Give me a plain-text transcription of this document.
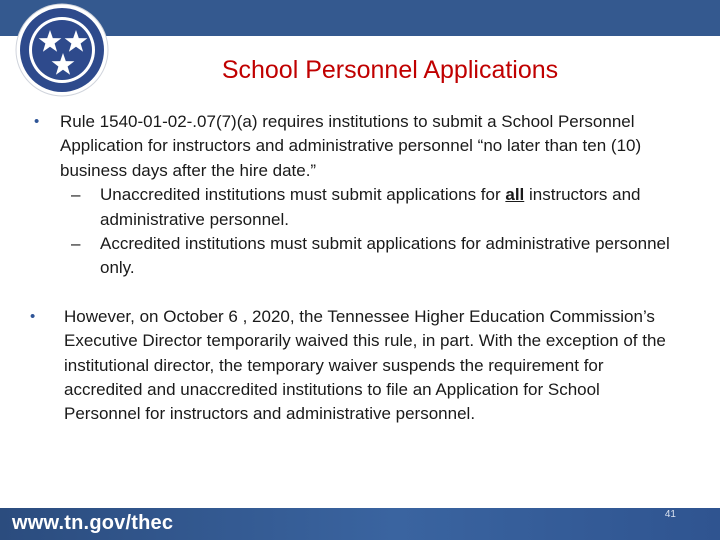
School Personnel Applications
• Rule 1540-01-02-.07(7)(a) requires institutions to submit a School Personnel Application for instructors and administrative personnel “no later than ten (10) business days after the hire date.”
– Unaccredited institutions must submit applications for all instructors and administrative personnel.
– Accredited institutions must submit applications for administrative personnel only.
• However, on October 6 , 2020, the Tennessee Higher Education Commission’s Executive Director temporarily waived this rule, in part. With the exception of the institutional director, the temporary waiver suspends the requirement for accredited and unaccredited institutions to file an Application for School Personnel for instructors and administrative personnel.
www.tn.gov/thec	41
